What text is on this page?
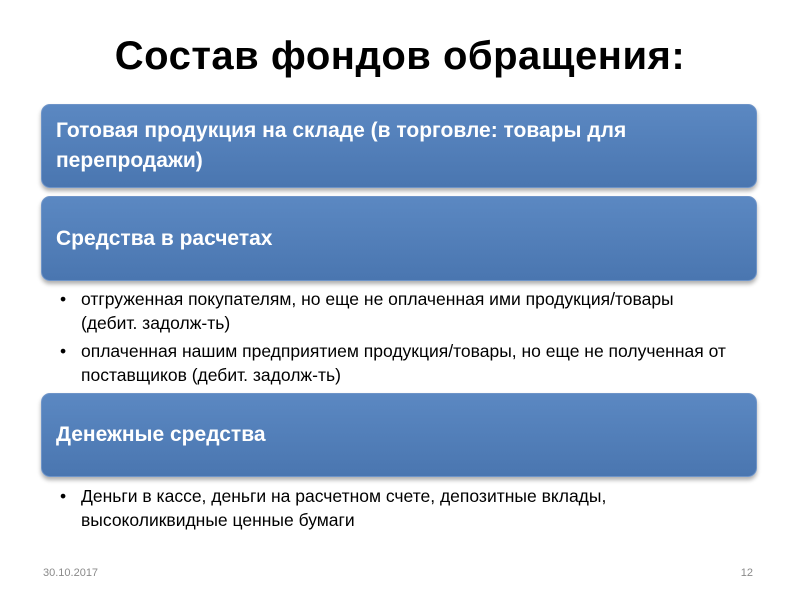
Состав фондов обращения:
Готовая продукция на складе (в торговле: товары для перепродажи)
Средства в расчетах
• отгруженная покупателям, но еще не оплаченная ими продукция/товары (дебит. задолж-ть)
• оплаченная нашим предприятием продукция/товары, но еще не полученная от поставщиков (дебит. задолж-ть)
Денежные средства
• Деньги в кассе, деньги на расчетном счете, депозитные вклады, высоколиквидные ценные бумаги
30.10.2017	12
